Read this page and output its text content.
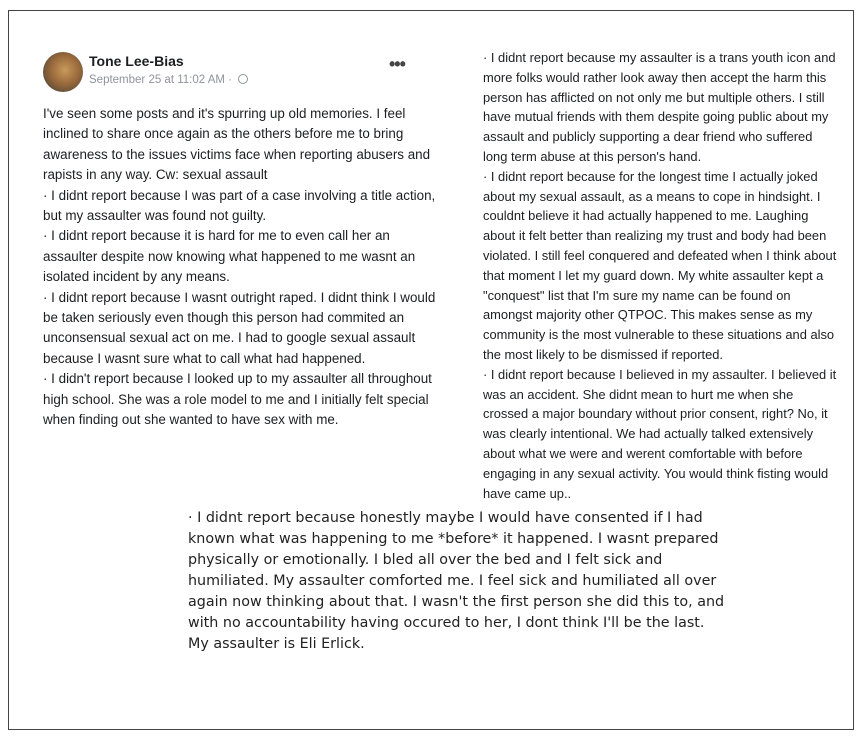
Tone Lee-Bias
September 25 at 11:02 AM ·
•••

I've seen some posts and it's spurring up old memories. I feel inclined to share once again as the others before me to bring awareness to the issues victims face when reporting abusers and rapists in any way. Cw: sexual assault

· I didnt report because I was part of a case involving a title action, but my assaulter was found not guilty.

· I didnt report because it is hard for me to even call her an assaulter despite now knowing what happened to me wasnt an isolated incident by any means.

· I didnt report because I wasnt outright raped. I didnt think I would be taken seriously even though this person had commited an unconsensual sexual act on me. I had to google sexual assault because I wasnt sure what to call what had happened.

· I didn't report because I looked up to my assaulter all throughout high school. She was a role model to me and I initially felt special when finding out she wanted to have sex with me.

· I didnt report because my assaulter is a trans youth icon and more folks would rather look away then accept the harm this person has afflicted on not only me but multiple others. I still have mutual friends with them despite going public about my assault and publicly supporting a dear friend who suffered long term abuse at this person's hand.

· I didnt report because for the longest time I actually joked about my sexual assault, as a means to cope in hindsight. I couldnt believe it had actually happened to me. Laughing about it felt better than realizing my trust and body had been violated. I still feel conquered and defeated when I think about that moment I let my guard down. My white assaulter kept a "conquest" list that I'm sure my name can be found on amongst majority other QTPOC. This makes sense as my community is the most vulnerable to these situations and also the most likely to be dismissed if reported.

· I didnt report because I believed in my assaulter. I believed it was an accident. She didnt mean to hurt me when she crossed a major boundary without prior consent, right? No, it was clearly intentional. We had actually talked extensively about what we were and werent comfortable with before engaging in any sexual activity. You would think fisting would have came up..

· I didnt report because honestly maybe I would have consented if I had known what was happening to me *before* it happened. I wasnt prepared physically or emotionally. I bled all over the bed and I felt sick and humiliated. My assaulter comforted me. I feel sick and humiliated all over again now thinking about that. I wasn't the first person she did this to, and with no accountability having occured to her, I dont think I'll be the last.

My assaulter is Eli Erlick.
